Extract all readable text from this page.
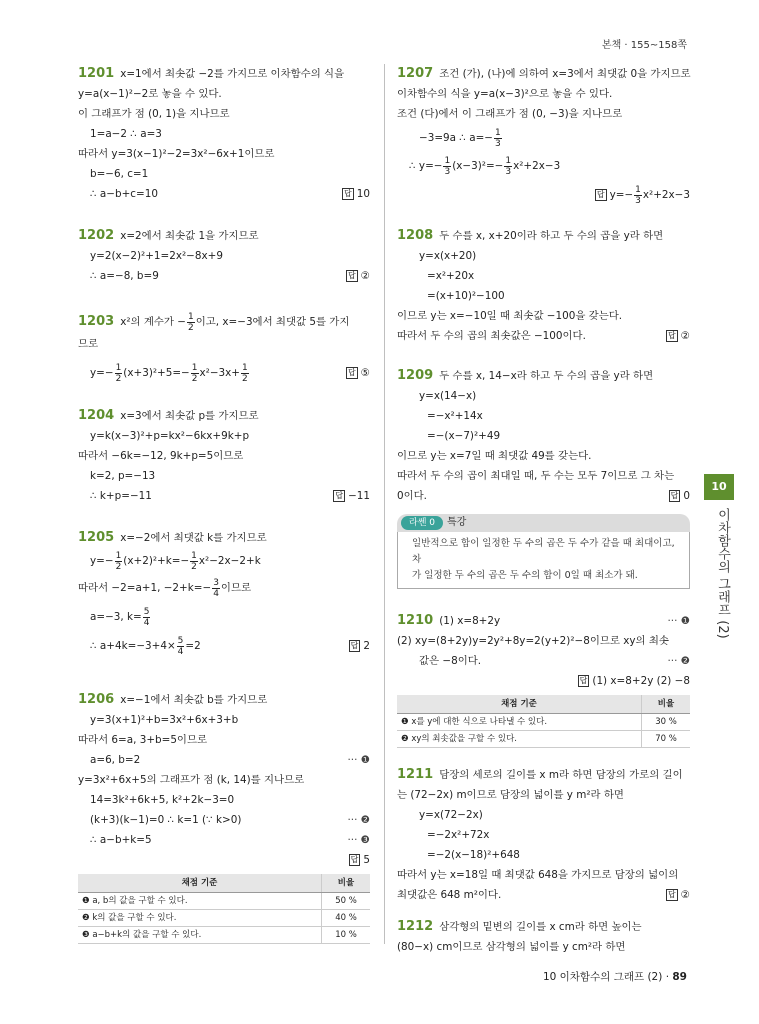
본책 · 155~158쪽
1201 x=1에서 최솟값 −2를 가지므로 이차함수의 식을
y=a(x−1)²−2로 놓을 수 있다.
이 그래프가 점 (0, 1)을 지나므로
1=a−2 ∴ a=3
따라서 y=3(x−1)²−2=3x²−6x+1이므로
b=−6, c=1
∴ a−b+c=10	답 10
1202 x=2에서 최솟값 1을 가지므로
y=2(x−2)²+1=2x²−8x+9
∴ a=−8, b=9	답 ②
1203 x²의 계수가 − $\frac{1}{2}$ 이고, x=−3에서 최댓값 5를 가지
므로
$y=- \frac{1}{2} (x+3)^2+5=- \frac{1}{2} x^2-3x+ \frac{1}{2}$	답 ⑤
1204 x=3에서 최솟값 p를 가지므로
y=k(x−3)²+p=kx²−6kx+9k+p
따라서 −6k=−12, 9k+p=5이므로
k=2, p=−13
∴ k+p=−11	답 −11
1205 x=−2에서 최댓값 k를 가지므로
$y=- \frac{1}{2} (x+2)^2+k=- \frac{1}{2} x^2-2x-2+k$
따라서 −2=a+1, $-2+k=- \frac{3}{4}$ 이므로
a=−3, $k= \frac{5}{4}$
∴ $a+4k=-3+4\times \frac{5}{4} =2$	답 2
1206 x=−1에서 최솟값 b를 가지므로
y=3(x+1)²+b=3x²+6x+3+b
따라서 6=a, 3+b=5이므로
a=6, b=2	··· ❶
y=3x²+6x+5의 그래프가 점 (k, 14)를 지나므로
14=3k²+6k+5, k²+2k−3=0
(k+3)(k−1)=0 ∴ k=1 (∵ k>0)	··· ❷
∴ a−b+k=5	··· ❸
답 5
채점 기준	비율
❶ a, b의 값을 구할 수 있다.	50 %
❷ k의 값을 구할 수 있다.	40 %
❸ a−b+k의 값을 구할 수 있다.	10 %
1207 조건 (가), (나)에 의하여 x=3에서 최댓값 0을 가지므로
이차함수의 식을 y=a(x−3)²으로 놓을 수 있다.
조건 (다)에서 이 그래프가 점 (0, −3)을 지나므로
−3=9a ∴ $a=- \frac{1}{3}$
∴ $y=- \frac{1}{3} (x-3)^2=- \frac{1}{3} x^2+2x-3$
답 $y=- \frac{1}{3} x^2+2x-3$
1208 두 수를 x, x+20이라 하고 두 수의 곱을 y라 하면
y=x(x+20)
=x²+20x
=(x+10)²−100
이므로 y는 x=−10일 때 최솟값 −100을 갖는다.
따라서 두 수의 곱의 최솟값은 −100이다.	답 ②
1209 두 수를 x, 14−x라 하고 두 수의 곱을 y라 하면
y=x(14−x)
=−x²+14x
=−(x−7)²+49
이므로 y는 x=7일 때 최댓값 49를 갖는다.
따라서 두 수의 곱이 최대일 때, 두 수는 모두 7이므로 그 차는
0이다.	답 0
라쎈 0 특강
일반적으로 합이 일정한 두 수의 곱은 두 수가 같을 때 최대이고, 차
가 일정한 두 수의 곱은 두 수의 합이 0일 때 최소가 돼.
1210 (1) x=8+2y	··· ❶
(2) xy=(8+2y)y=2y²+8y=2(y+2)²−8이므로 xy의 최솟
값은 −8이다.	··· ❷
답 (1) x=8+2y (2) −8
채점 기준	비율
❶ x를 y에 대한 식으로 나타낼 수 있다.	30 %
❷ xy의 최솟값을 구할 수 있다.	70 %
1211 담장의 세로의 길이를 x m라 하면 담장의 가로의 길이
는 (72−2x) m이므로 담장의 넓이를 y m²라 하면
y=x(72−2x)
=−2x²+72x
=−2(x−18)²+648
따라서 y는 x=18일 때 최댓값 648을 가지므로 담장의 넓이의
최댓값은 648 m²이다.	답 ②
1212 삼각형의 밑변의 길이를 x cm라 하면 높이는
(80−x) cm이므로 삼각형의 넓이를 y cm²라 하면
10
이차함수의 그래프 (2)
10 이차함수의 그래프 (2) · 89
